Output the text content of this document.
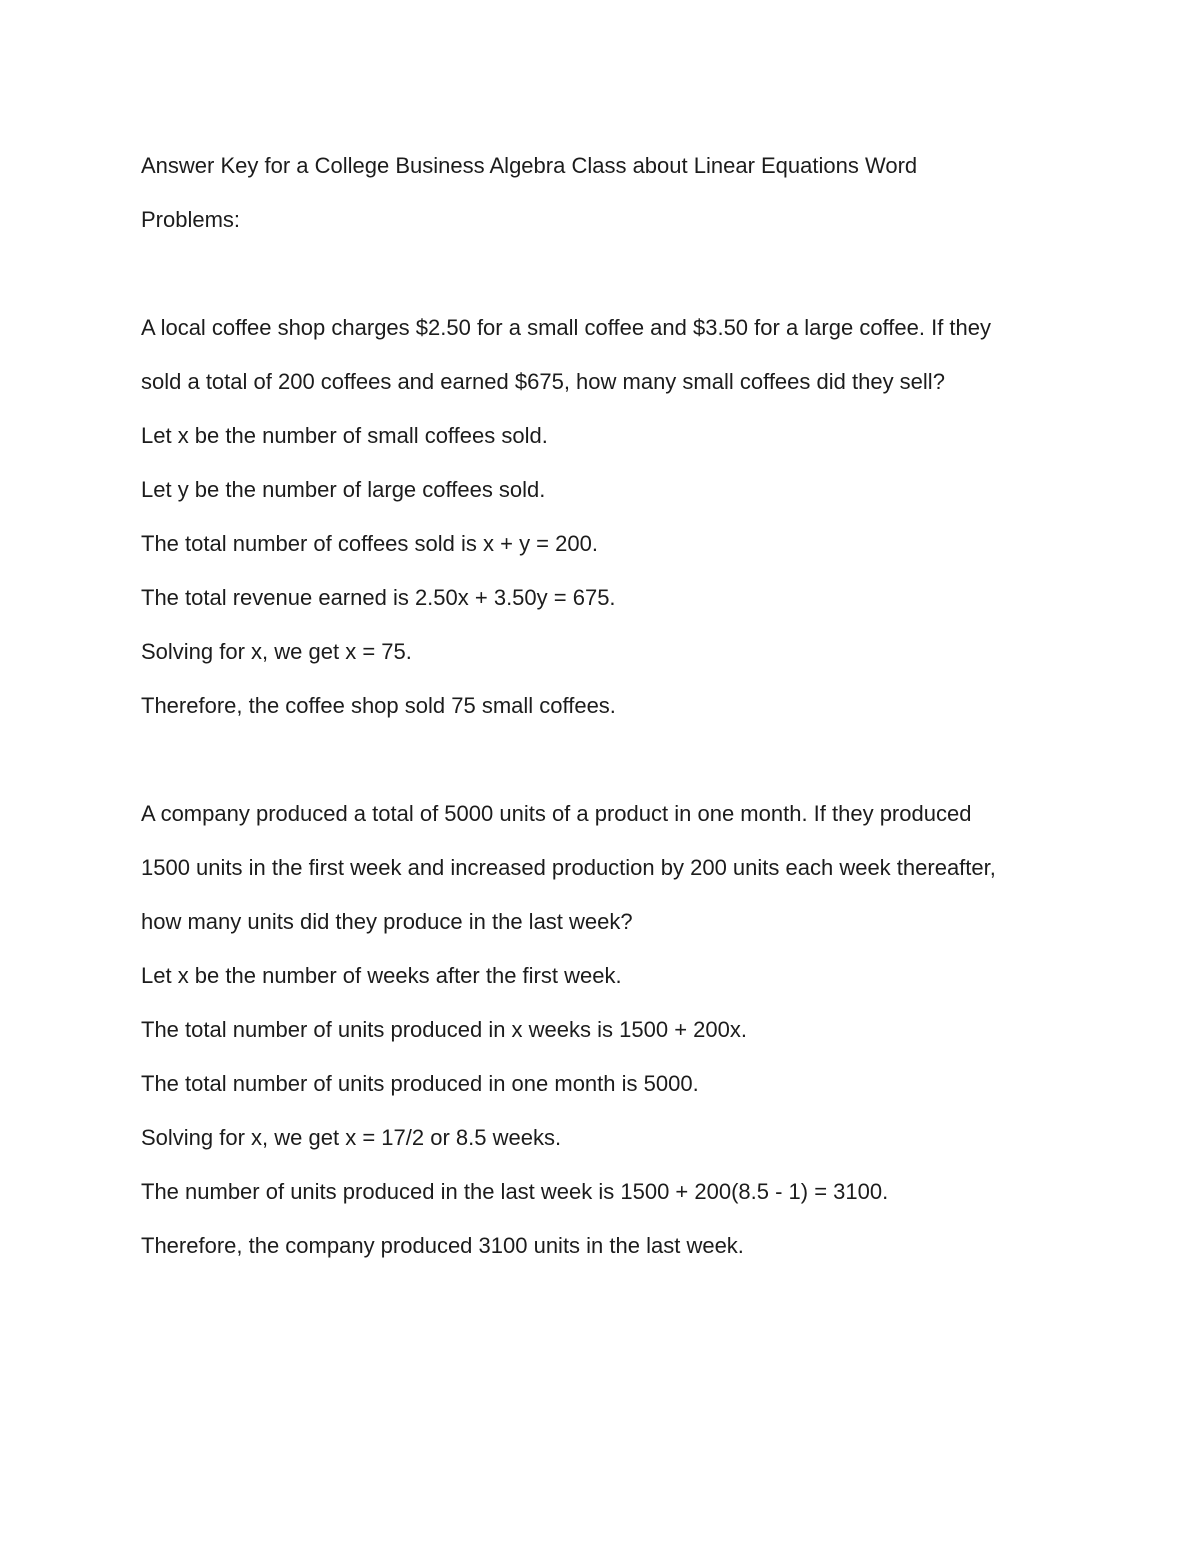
Answer Key for a College Business Algebra Class about Linear Equations Word

Problems:

A local coffee shop charges $2.50 for a small coffee and $3.50 for a large coffee. If they

sold a total of 200 coffees and earned $675, how many small coffees did they sell?

Let x be the number of small coffees sold.

Let y be the number of large coffees sold.

The total number of coffees sold is x + y = 200.

The total revenue earned is 2.50x + 3.50y = 675.

Solving for x, we get x = 75.

Therefore, the coffee shop sold 75 small coffees.

A company produced a total of 5000 units of a product in one month. If they produced

1500 units in the first week and increased production by 200 units each week thereafter,

how many units did they produce in the last week?

Let x be the number of weeks after the first week.

The total number of units produced in x weeks is 1500 + 200x.

The total number of units produced in one month is 5000.

Solving for x, we get x = 17/2 or 8.5 weeks.

The number of units produced in the last week is 1500 + 200(8.5 - 1) = 3100.

Therefore, the company produced 3100 units in the last week.
